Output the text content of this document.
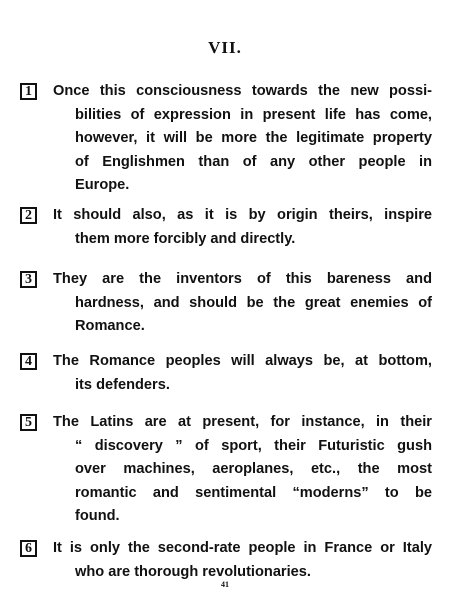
VII.
1	Once this consciousness towards the new possi-
bilities of expression in present life has come,
however, it will be more the legitimate property
of Englishmen than of any other people in
Europe.
2	It should also, as it is by origin theirs, inspire
them more forcibly and directly.
3	They are the inventors of this bareness and
hardness, and should be the great enemies of
Romance.
4	The Romance peoples will always be, at bottom,
its defenders.
5	The Latins are at present, for instance, in their
“ discovery ” of sport, their Futuristic gush
over machines, aeroplanes, etc., the most
romantic and sentimental “moderns” to be
found.
6	It is only the second-rate people in France or Italy
who are thorough revolutionaries.
41
